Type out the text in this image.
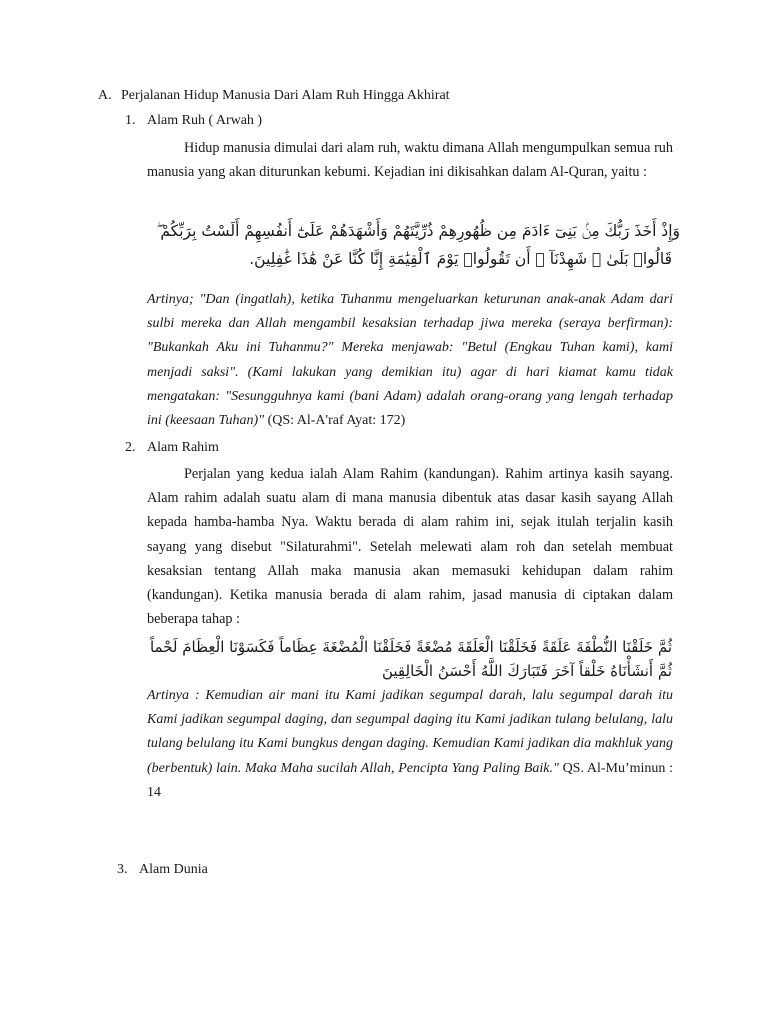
A. Perjalanan Hidup Manusia Dari Alam Ruh Hingga Akhirat
1. Alam Ruh ( Arwah )
Hidup manusia dimulai dari alam ruh, waktu dimana Allah mengumpulkan semua ruh manusia yang akan diturunkan kebumi. Kejadian ini dikisahkan dalam Al-Quran, yaitu :
وَإِذْ أَخَذَ رَبُّكَ مِنۢ بَنِىٓ ءَادَمَ مِن ظُهُورِهِمْ ذُرِّيَّتَهُمْ وَأَشْهَدَهُمْ عَلَىٰٓ أَنفُسِهِمْ أَلَسْتُ بِرَبِّكُمْ ۖ
قَالُوا۟ بَلَىٰ ۛ شَهِدْنَآ ۛ أَن تَقُولُوا۟ يَوْمَ ٱلْقِيَٰمَةِ إِنَّا كُنَّا عَنْ هَٰذَا غَٰفِلِينَ.
Artinya; "Dan (ingatlah), ketika Tuhanmu mengeluarkan keturunan anak-anak Adam dari sulbi mereka dan Allah mengambil kesaksian terhadap jiwa mereka (seraya berfirman): "Bukankah Aku ini Tuhanmu?" Mereka menjawab: "Betul (Engkau Tuhan kami), kami menjadi saksi". (Kami lakukan yang demikian itu) agar di hari kiamat kamu tidak mengatakan: "Sesungguhnya kami (bani Adam) adalah orang-orang yang lengah terhadap ini (keesaan Tuhan)" (QS: Al-A'raf Ayat: 172)
2. Alam Rahim
Perjalan yang kedua ialah Alam Rahim (kandungan). Rahim artinya kasih sayang. Alam rahim adalah suatu alam di mana manusia dibentuk atas dasar kasih sayang Allah kepada hamba-hamba Nya. Waktu berada di alam rahim ini, sejak itulah terjalin kasih sayang yang disebut "Silaturahmi". Setelah melewati alam roh dan setelah membuat kesaksian tentang Allah maka manusia akan memasuki kehidupan dalam rahim (kandungan). Ketika manusia berada di alam rahim, jasad manusia di ciptakan dalam beberapa tahap :
ثُمَّ خَلَقْنَا النُّطْفَةَ عَلَقَةً فَخَلَقْنَا الْعَلَقَةَ مُضْغَةً فَخَلَقْنَا الْمُضْغَةَ عِظَاماً فَكَسَوْنَا الْعِظَامَ لَحْماً
ثُمَّ أَنشَأْنَاهُ خَلْقاً آخَرَ فَتَبَارَكَ اللَّهُ أَحْسَنُ الْخَالِقِينَ
Artinya : Kemudian air mani itu Kami jadikan segumpal darah, lalu segumpal darah itu Kami jadikan segumpal daging, dan segumpal daging itu Kami jadikan tulang belulang, lalu tulang belulang itu Kami bungkus dengan daging. Kemudian Kami jadikan dia makhluk yang (berbentuk) lain. Maka Maha sucilah Allah, Pencipta Yang Paling Baik." QS. Al-Mu’minun : 14
3. Alam Dunia
